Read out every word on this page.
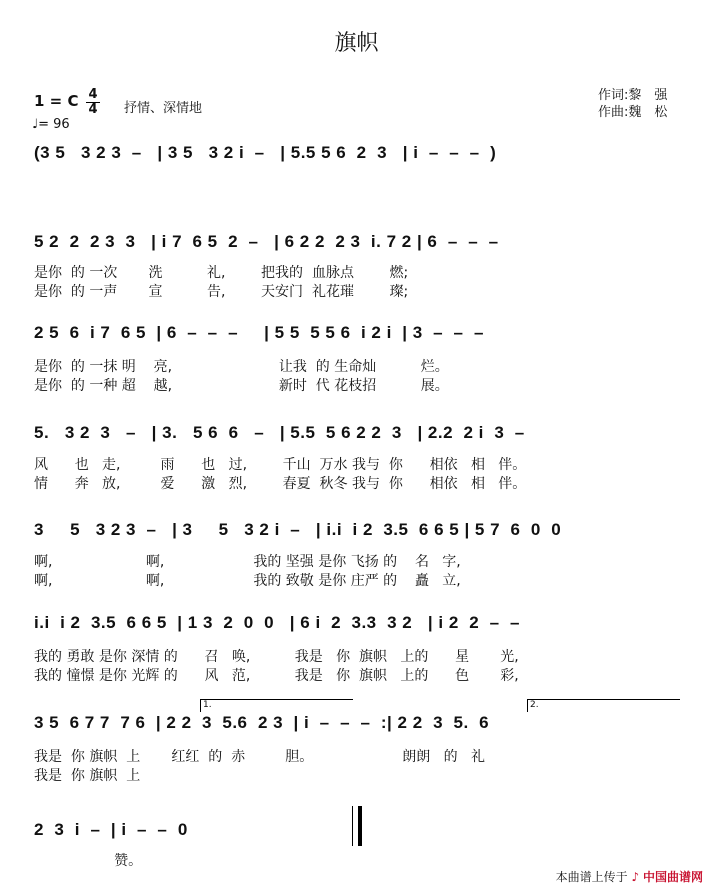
旗帜
1 = C 4
4 抒情、深情地
♩= 96
作词:黎　强
作曲:魏　松
(3 5   3 2 3  –   | 3 5   3 2 i  –   | 5.5 5 6  2  3   | i  –  –  –  )
5 2  2  2 3  3   | i 7  6 5  2  –   | 6 2 2  2 3  i. 7 2 | 6  –  –  –
是你  的 一次       洗          礼,        把我的  血脉点        燃;
是你  的 一声       宣          告,        天安门  礼花璀        璨;
2 5  6  i 7  6 5  | 6  –  –  –     | 5 5  5 5 6  i 2 i  | 3  –  –  –
是你  的 一抹 明    亮,                        让我  的 生命灿          烂。
是你  的 一种 超    越,                        新时  代 花枝招          展。
5.   3 2  3   –   | 3.   5 6  6   –   | 5.5  5 6 2 2  3   | 2.2  2 i  3  –
风      也   走,         雨      也   过,        千山  万水 我与  你      相依   相   伴。
情      奔   放,         爱      激   烈,        春夏  秋冬 我与  你      相依   相   伴。
3     5   3 2 3  –   | 3     5   3 2 i  –   | i.i  i 2  3.5  6 6 5 | 5 7  6  0  0
啊,                     啊,                    我的 坚强 是你 飞扬 的    名   字,
啊,                     啊,                    我的 致敬 是你 庄严 的    矗   立,
i.i  i 2  3.5  6 6 5  | 1 3  2  0  0   | 6 i  2  3.3  3 2   | i 2  2  –  –
我的 勇敢 是你 深情 的      召   唤,          我是   你  旗帜   上的      星       光,
我的 憧憬 是你 光辉 的      风   范,          我是   你  旗帜   上的      色       彩,
1.	2.
3 5  6 7 7  7 6  | 2 2  3  5.6  2 3  | i  –  –  –  :| 2 2  3  5.  6
我是  你 旗帜  上       红红  的  赤         胆。                    朗朗   的   礼
我是  你 旗帜  上
2  3  i  –  | i  –  –  0
赞。
本曲谱上传于 ♪ 中国曲谱网
